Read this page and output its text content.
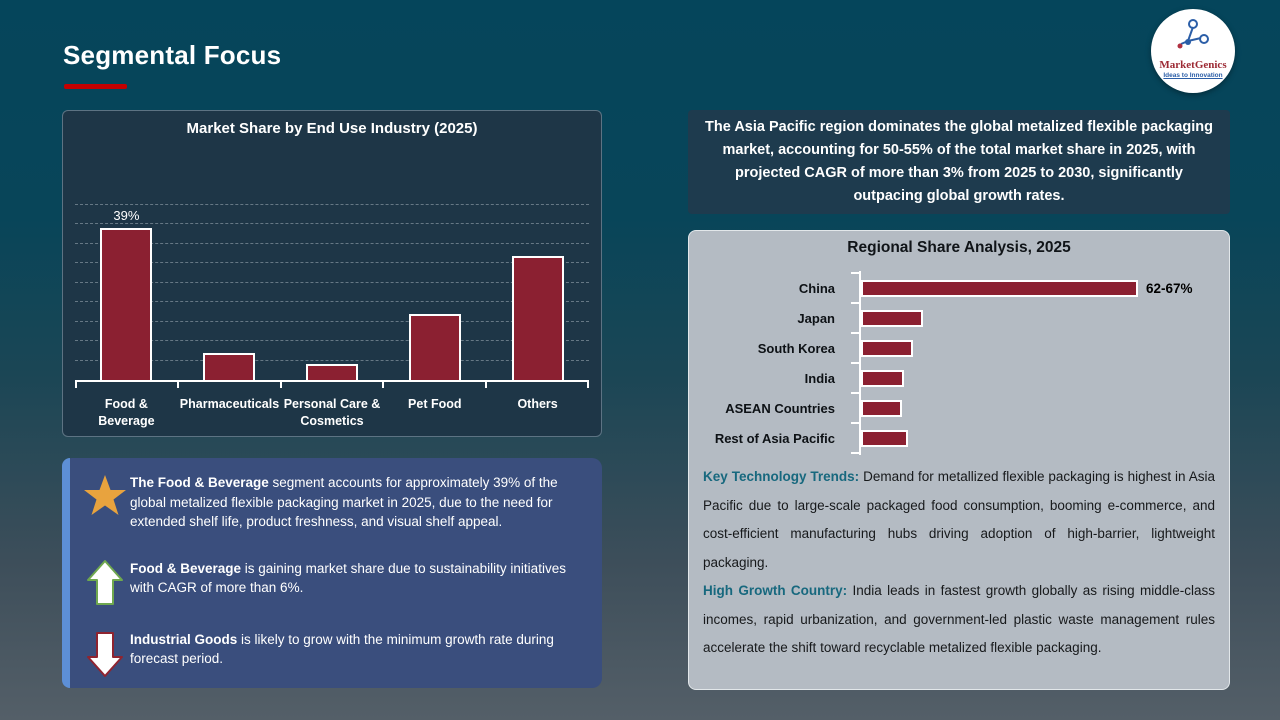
Segmental Focus	MarketGenics
Ideas to Innovation
Market Share by End Use Industry (2025)
39%
Food & Beverage
Pharmaceuticals Personal Care & Cosmetics
Pet Food	Others
The Asia Pacific region dominates the global metalized flexible packaging market, accounting for 50-55% of the total market share in 2025, with projected CAGR of more than 3% from 2025 to 2030, significantly outpacing global growth rates.
Regional Share Analysis, 2025
China	62-67%
Japan
South Korea
India
ASEAN Countries
Rest of Asia Pacific

Key Technology Trends: Demand for metallized flexible packaging is highest in Asia Pacific due to large-scale packaged food consumption, booming e-commerce, and cost-efficient manufacturing hubs driving adoption of high-barrier, lightweight packaging.

High Growth Country: India leads in fastest growth globally as rising middle-class incomes, rapid urbanization, and government-led plastic waste management rules accelerate the shift toward recyclable metalized flexible packaging.

The Food & Beverage segment accounts for approximately 39% of the global metalized flexible packaging market in 2025, due to the need for extended shelf life, product freshness, and visual shelf appeal.
Food & Beverage is gaining market share due to sustainability initiatives with CAGR of more than 6%.
Industrial Goods is likely to grow with the minimum growth rate during forecast period.
